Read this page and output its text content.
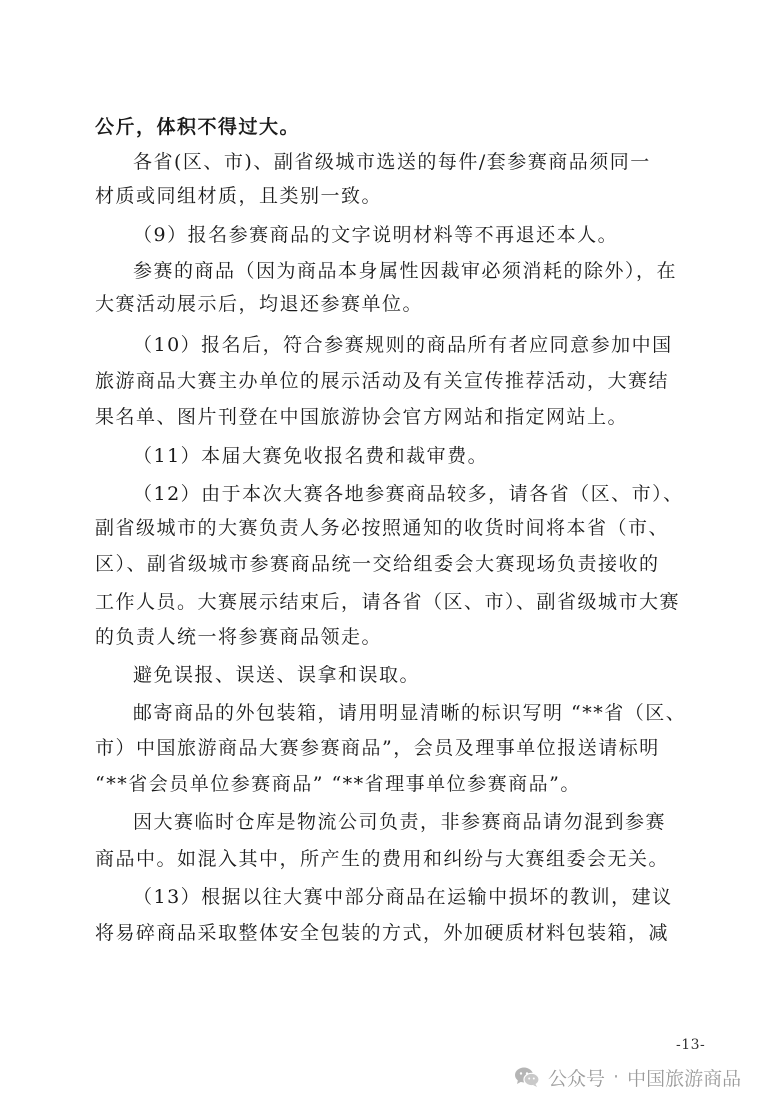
公斤，体积不得过大。
各省(区、市)、副省级城市选送的每件/套参赛商品须同一
材质或同组材质，且类别一致。
（9）报名参赛商品的文字说明材料等不再退还本人。
参赛的商品（因为商品本身属性因裁审必须消耗的除外），在
大赛活动展示后，均退还参赛单位。
（10）报名后，符合参赛规则的商品所有者应同意参加中国
旅游商品大赛主办单位的展示活动及有关宣传推荐活动，大赛结
果名单、图片刊登在中国旅游协会官方网站和指定网站上。
（11）本届大赛免收报名费和裁审费。
（12）由于本次大赛各地参赛商品较多，请各省（区、市）、
副省级城市的大赛负责人务必按照通知的收货时间将本省（市、
区）、副省级城市参赛商品统一交给组委会大赛现场负责接收的
工作人员。大赛展示结束后，请各省（区、市）、副省级城市大赛
的负责人统一将参赛商品领走。
避免误报、误送、误拿和误取。
邮寄商品的外包装箱，请用明显清晰的标识写明 “**省（区、
市）中国旅游商品大赛参赛商品”，会员及理事单位报送请标明
“**省会员单位参赛商品” “**省理事单位参赛商品”。
因大赛临时仓库是物流公司负责，非参赛商品请勿混到参赛
商品中。如混入其中，所产生的费用和纠纷与大赛组委会无关。
（13）根据以往大赛中部分商品在运输中损坏的教训，建议
将易碎商品采取整体安全包装的方式，外加硬质材料包装箱，减
-13-
公众号 · 中国旅游商品
